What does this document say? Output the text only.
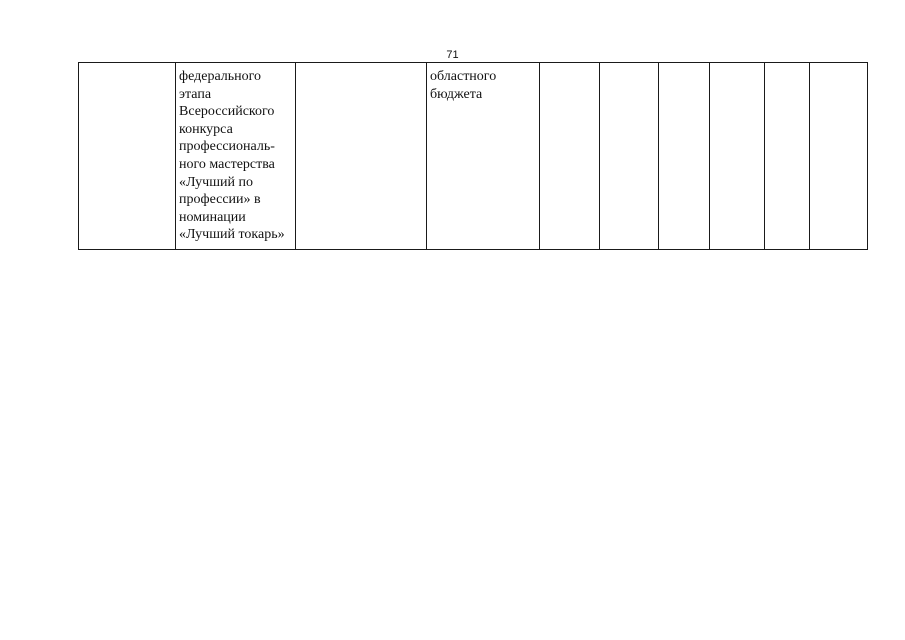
71
	федерального
этапа
Всероссийского
конкурса
профессиональ-
ного мастерства
«Лучший по
профессии» в
номинации
«Лучший токарь»		областного
бюджета						
